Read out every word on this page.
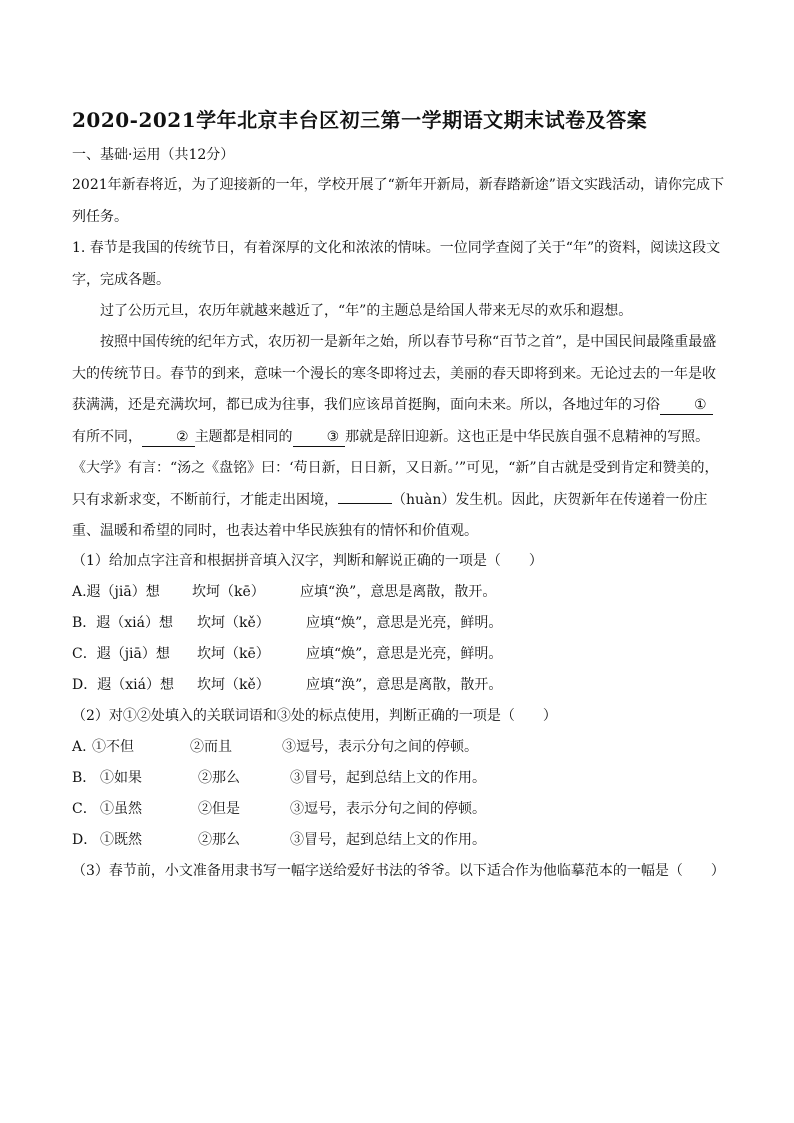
2020-2021学年北京丰台区初三第一学期语文期末试卷及答案
一、基础·运用（共12分）
2021年新春将近，为了迎接新的一年，学校开展了“新年开新局，新春踏新途”语文实践活动，请你完成下列任务。
1. 春节是我国的传统节日，有着深厚的文化和浓浓的情味。一位同学查阅了关于“年”的资料，阅读这段文字，完成各题。
过了公历元旦，农历年就越来越近了，“年”的主题总是给国人带来无尽的欢乐和遐想。
按照中国传统的纪年方式，农历初一是新年之始，所以春节号称“百节之首”，是中国民间最隆重最盛大的传统节日。春节的到来，意味一个漫长的寒冬即将过去，美丽的春天即将到来。无论过去的一年是收获满满，还是充满坎坷，都已成为往事，我们应该昂首挺胸，面向未来。所以，各地过年的习俗 ①有所不同， ② 主题都是相同的 ③ 那就是辞旧迎新。这也正是中华民族自强不息精神的写照。《大学》有言：“汤之《盘铭》曰：‘苟日新，日日新，又日新。’”可见，“新”自古就是受到肯定和赞美的，只有求新求变，不断前行，才能走出困境，	（huàn）发生机。因此，庆贺新年在传递着一份庄重、温暖和希望的同时，也表达着中华民族独有的情怀和价值观。
（1）给加点字注音和根据拼音填入汉字，判断和解说正确的一项是（　　）
A.遐（jiā）想 坎坷（kē）	应填“涣”，意思是离散，散开。
B．遐（xiá）想 坎坷（kě）	应填“焕”，意思是光亮，鲜明。
C．遐（jiā）想 坎坷（kē）	应填“焕”，意思是光亮，鲜明。
D．遐（xiá）想 坎坷（kě）	应填“涣”，意思是离散，散开。
（2）对①②处填入的关联词语和③处的标点使用，判断正确的一项是（　　）
A. ①不但	②而且	③逗号，表示分句之间的停顿。
B． ①如果	②那么	③冒号，起到总结上文的作用。
C． ①虽然	②但是	③逗号，表示分句之间的停顿。
D． ①既然	②那么	③冒号，起到总结上文的作用。
（3）春节前，小文准备用隶书写一幅字送给爱好书法的爷爷。以下适合作为他临摹范本的一幅是（　　）
